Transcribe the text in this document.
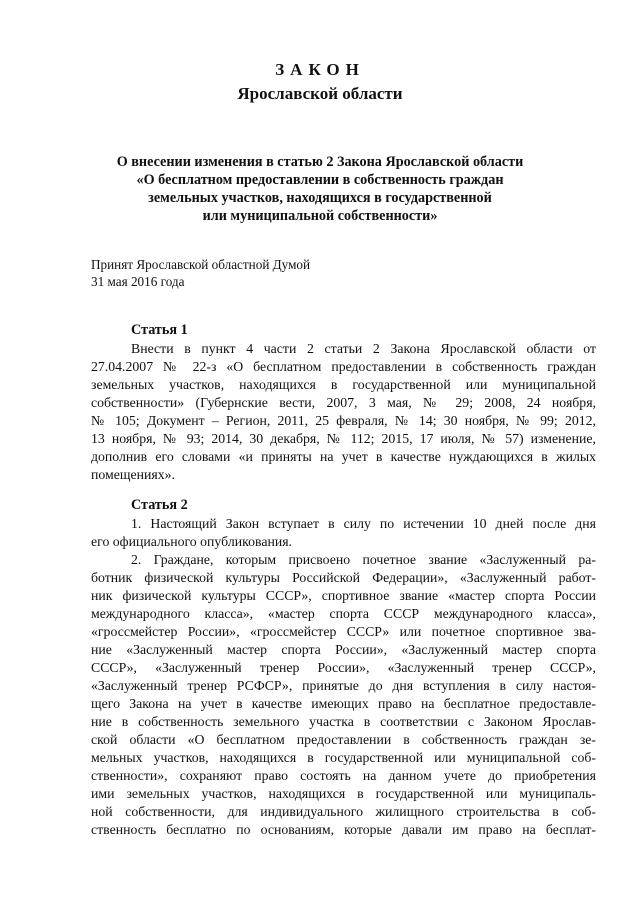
ЗАКОН
Ярославской области
О внесении изменения в статью 2 Закона Ярославской области
«О бесплатном предоставлении в собственность граждан
земельных участков, находящихся в государственной
или муниципальной собственности»
Принят Ярославской областной Думой
31 мая 2016 года
Статья 1
Внести в пункт 4 части 2 статьи 2 Закона Ярославской области от
27.04.2007 № 22-з «О бесплатном предоставлении в собственность граждан
земельных участков, находящихся в государственной или муниципальной
собственности» (Губернские вести, 2007, 3 мая, № 29; 2008, 24 ноября,
№ 105; Документ – Регион, 2011, 25 февраля, № 14; 30 ноября, № 99; 2012,
13 ноября, № 93; 2014, 30 декабря, № 112; 2015, 17 июля, № 57) изменение,
дополнив его словами «и приняты на учет в качестве нуждающихся в жилых
помещениях».
Статья 2
1. Настоящий Закон вступает в силу по истечении 10 дней после дня
его официального опубликования.
2. Граждане, которым присвоено почетное звание «Заслуженный ра-
ботник физической культуры Российской Федерации», «Заслуженный работ-
ник физической культуры СССР», спортивное звание «мастер спорта России
международного класса», «мастер спорта СССР международного класса»,
«гроссмейстер России», «гроссмейстер СССР» или почетное спортивное зва-
ние «Заслуженный мастер спорта России», «Заслуженный мастер спорта
СССР», «Заслуженный тренер России», «Заслуженный тренер СССР»,
«Заслуженный тренер РСФСР», принятые до дня вступления в силу настоя-
щего Закона на учет в качестве имеющих право на бесплатное предоставле-
ние в собственность земельного участка в соответствии с Законом Ярослав-
ской области «О бесплатном предоставлении в собственность граждан зе-
мельных участков, находящихся в государственной или муниципальной соб-
ственности», сохраняют право состоять на данном учете до приобретения
ими земельных участков, находящихся в государственной или муниципаль-
ной собственности, для индивидуального жилищного строительства в соб-
ственность бесплатно по основаниям, которые давали им право на бесплат-
